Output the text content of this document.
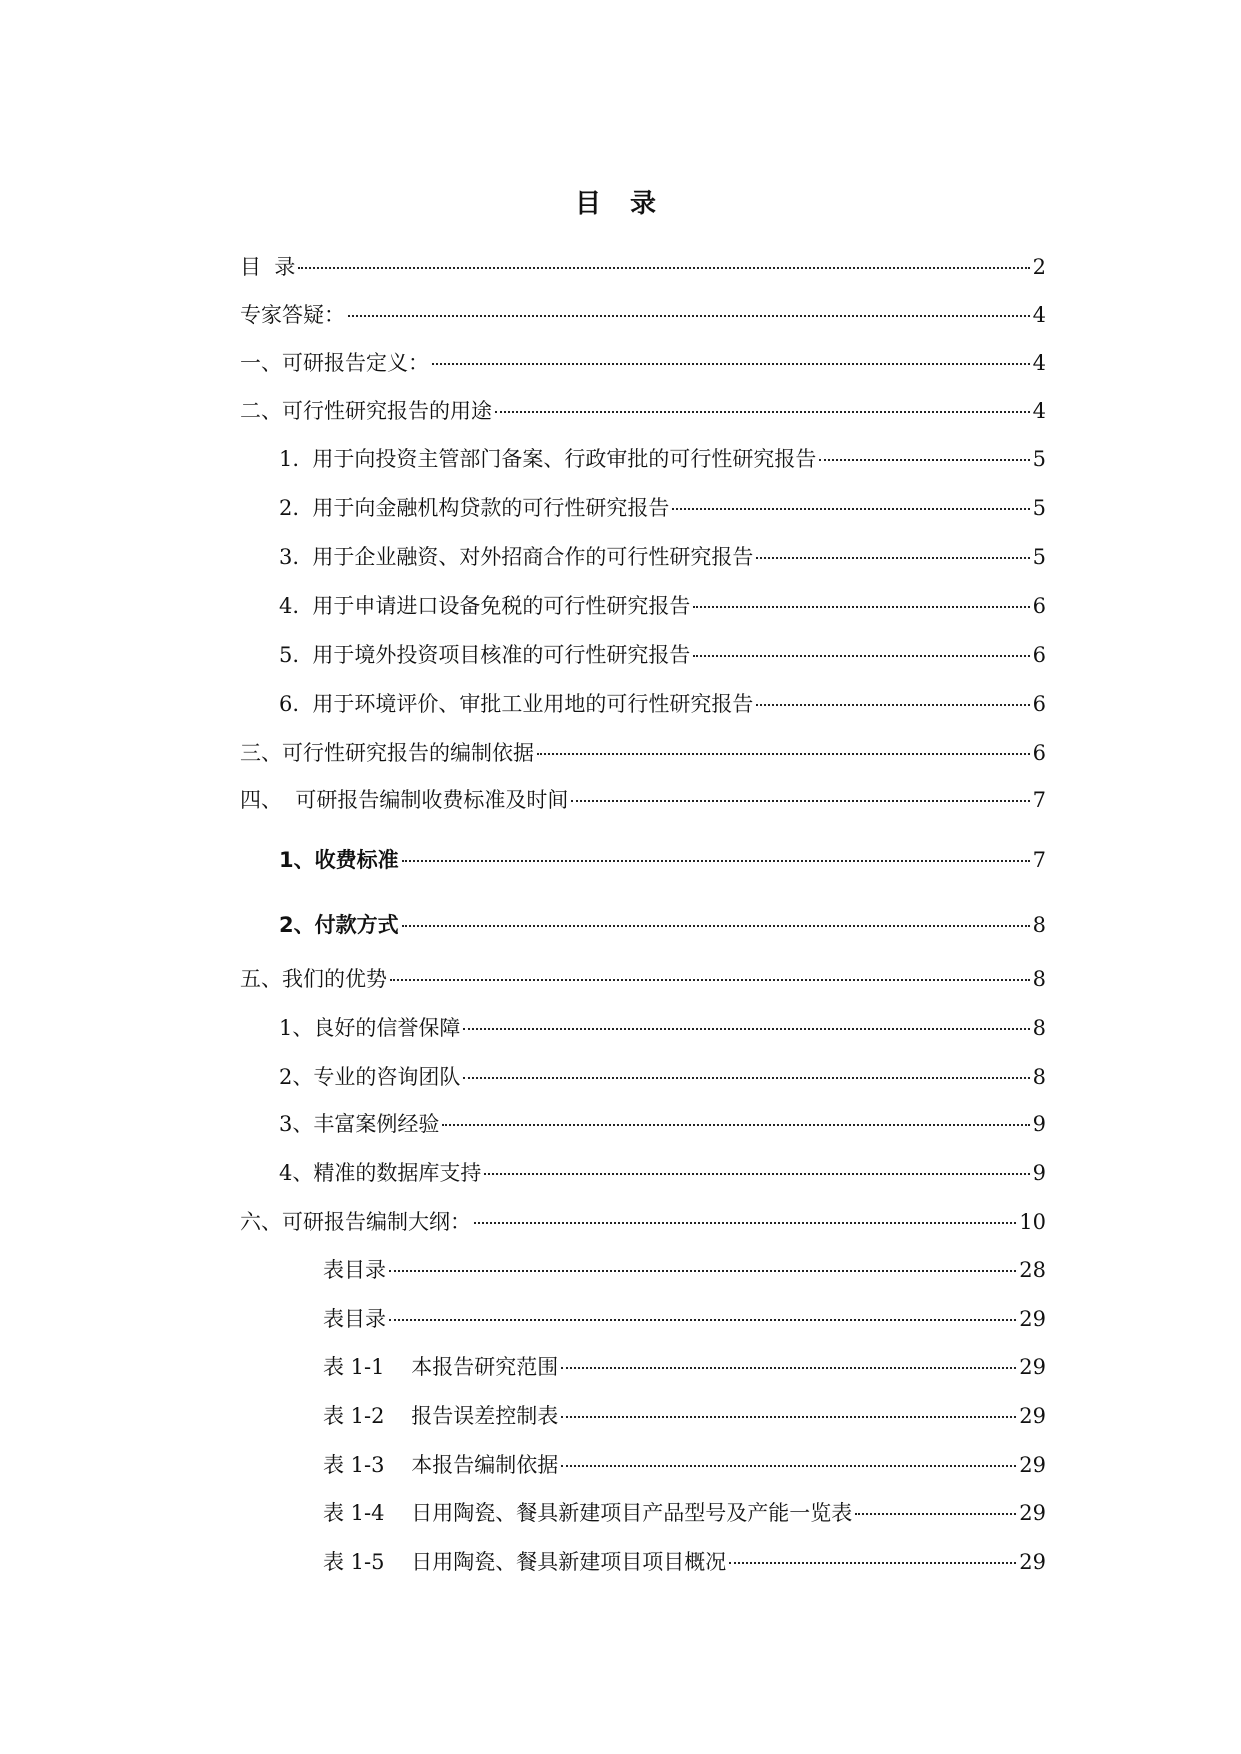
目 录
目  录	2
专家答疑：	4
一、可研报告定义：	4
二、可行性研究报告的用途	4
1.  用于向投资主管部门备案、行政审批的可行性研究报告	5
2.  用于向金融机构贷款的可行性研究报告	5
3.  用于企业融资、对外招商合作的可行性研究报告	5
4.  用于申请进口设备免税的可行性研究报告	6
5.  用于境外投资项目核准的可行性研究报告	6
6.  用于环境评价、审批工业用地的可行性研究报告	6
三、可行性研究报告的编制依据	6
四、  可研报告编制收费标准及时间	7
1、收费标准	7
2、付款方式	8
五、我们的优势	8
1、良好的信誉保障	8
2、专业的咨询团队	8
3、丰富案例经验	9
4、精准的数据库支持	9
六、可研报告编制大纲：	10
表目录	28
表目录	29
表 1-1    本报告研究范围	29
表 1-2    报告误差控制表	29
表 1-3    本报告编制依据	29
表 1-4    日用陶瓷、餐具新建项目产品型号及产能一览表	29
表 1-5    日用陶瓷、餐具新建项目项目概况	29
